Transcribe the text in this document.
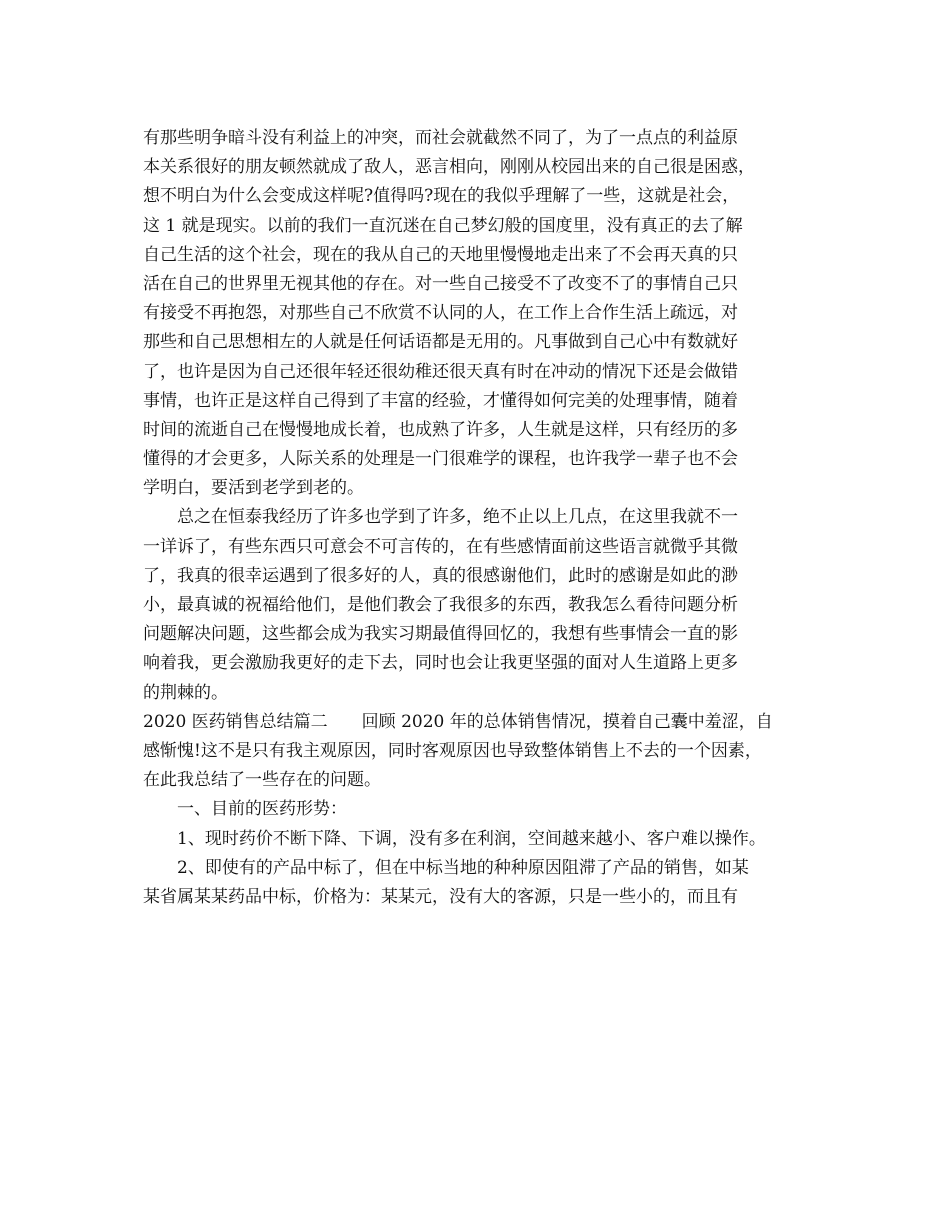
有那些明争暗斗没有利益上的冲突，而社会就截然不同了，为了一点点的利益原
本关系很好的朋友顿然就成了敌人，恶言相向，刚刚从校园出来的自己很是困惑，
想不明白为什么会变成这样呢?值得吗?现在的我似乎理解了一些，这就是社会，
这 1 就是现实。以前的我们一直沉迷在自己梦幻般的国度里，没有真正的去了解
自己生活的这个社会，现在的我从自己的天地里慢慢地走出来了不会再天真的只
活在自己的世界里无视其他的存在。对一些自己接受不了改变不了的事情自己只
有接受不再抱怨，对那些自己不欣赏不认同的人，在工作上合作生活上疏远，对
那些和自己思想相左的人就是任何话语都是无用的。凡事做到自己心中有数就好
了，也许是因为自己还很年轻还很幼稚还很天真有时在冲动的情况下还是会做错
事情，也许正是这样自己得到了丰富的经验，才懂得如何完美的处理事情，随着
时间的流逝自己在慢慢地成长着，也成熟了许多，人生就是这样，只有经历的多
懂得的才会更多，人际关系的处理是一门很难学的课程，也许我学一辈子也不会
学明白，要活到老学到老的。
总之在恒泰我经历了许多也学到了许多，绝不止以上几点，在这里我就不一
一详诉了，有些东西只可意会不可言传的，在有些感情面前这些语言就微乎其微
了，我真的很幸运遇到了很多好的人，真的很感谢他们，此时的感谢是如此的渺
小，最真诚的祝福给他们，是他们教会了我很多的东西，教我怎么看待问题分析
问题解决问题，这些都会成为我实习期最值得回忆的，我想有些事情会一直的影
响着我，更会激励我更好的走下去，同时也会让我更坚强的面对人生道路上更多
的荆棘的。
2020 医药销售总结篇二　　回顾 2020 年的总体销售情况，摸着自己囊中羞涩，自
感惭愧!这不是只有我主观原因，同时客观原因也导致整体销售上不去的一个因素，
在此我总结了一些存在的问题。
一、目前的医药形势：
1、现时药价不断下降、下调，没有多在利润，空间越来越小、客户难以操作。
2、即使有的产品中标了，但在中标当地的种种原因阻滞了产品的销售，如某
某省属某某药品中标，价格为：某某元，没有大的客源，只是一些小的，而且有
